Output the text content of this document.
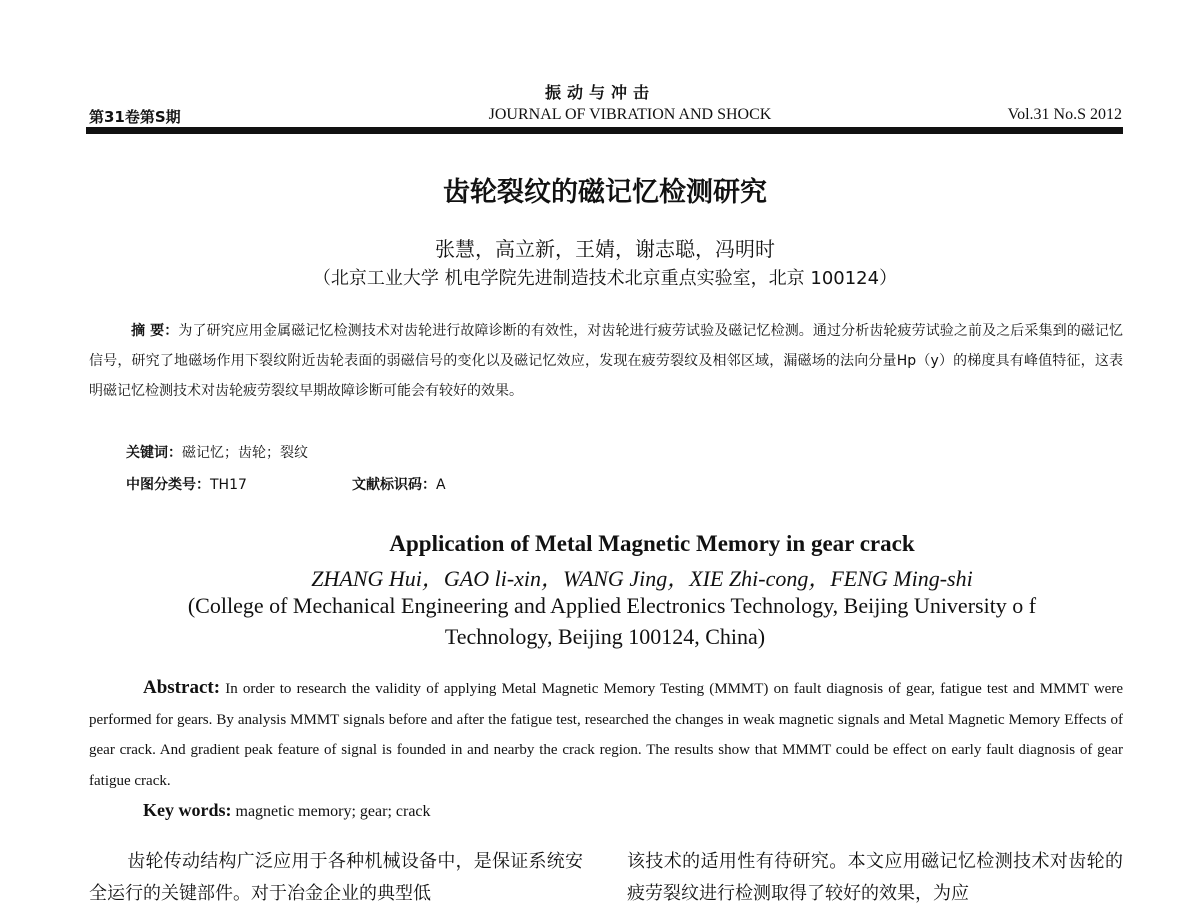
振动与冲击
第31卷第S期	JOURNAL OF VIBRATION AND SHOCK	Vol.31 No.S 2012
齿轮裂纹的磁记忆检测研究
张慧，高立新，王婧，谢志聪，冯明时
（北京工业大学 机电学院先进制造技术北京重点实验室，北京 100124）
摘 要：为了研究应用金属磁记忆检测技术对齿轮进行故障诊断的有效性，对齿轮进行疲劳试验及磁记忆检测。通过分析齿轮疲劳试验之前及之后采集到的磁记忆信号，研究了地磁场作用下裂纹附近齿轮表面的弱磁信号的变化以及磁记忆效应，发现在疲劳裂纹及相邻区域，漏磁场的法向分量Hp（y）的梯度具有峰值特征，这表明磁记忆检测技术对齿轮疲劳裂纹早期故障诊断可能会有较好的效果。
关键词：磁记忆；齿轮；裂纹
中图分类号：TH17	文献标识码：A
Application of Metal Magnetic Memory in gear crack
ZHANG Hui，GAO li-xin，WANG Jing，XIE Zhi-cong，FENG Ming-shi
(College of Mechanical Engineering and Applied Electronics Technology, Beijing University o f
Technology, Beijing 100124, China)
Abstract: In order to research the validity of applying Metal Magnetic Memory Testing (MMMT) on fault diagnosis of gear, fatigue test and MMMT were performed for gears. By analysis MMMT signals before and after the fatigue test, researched the changes in weak magnetic signals and Metal Magnetic Memory Effects of gear crack. And gradient peak feature of signal is founded in and nearby the crack region. The results show that MMMT could be effect on early fault diagnosis of gear fatigue crack.
Key words: magnetic memory; gear; crack
齿轮传动结构广泛应用于各种机械设备中，是保证系统安全运行的关键部件。对于冶金企业的典型低
该技术的适用性有待研究。本文应用磁记忆检测技术对齿轮的疲劳裂纹进行检测取得了较好的效果，为应
